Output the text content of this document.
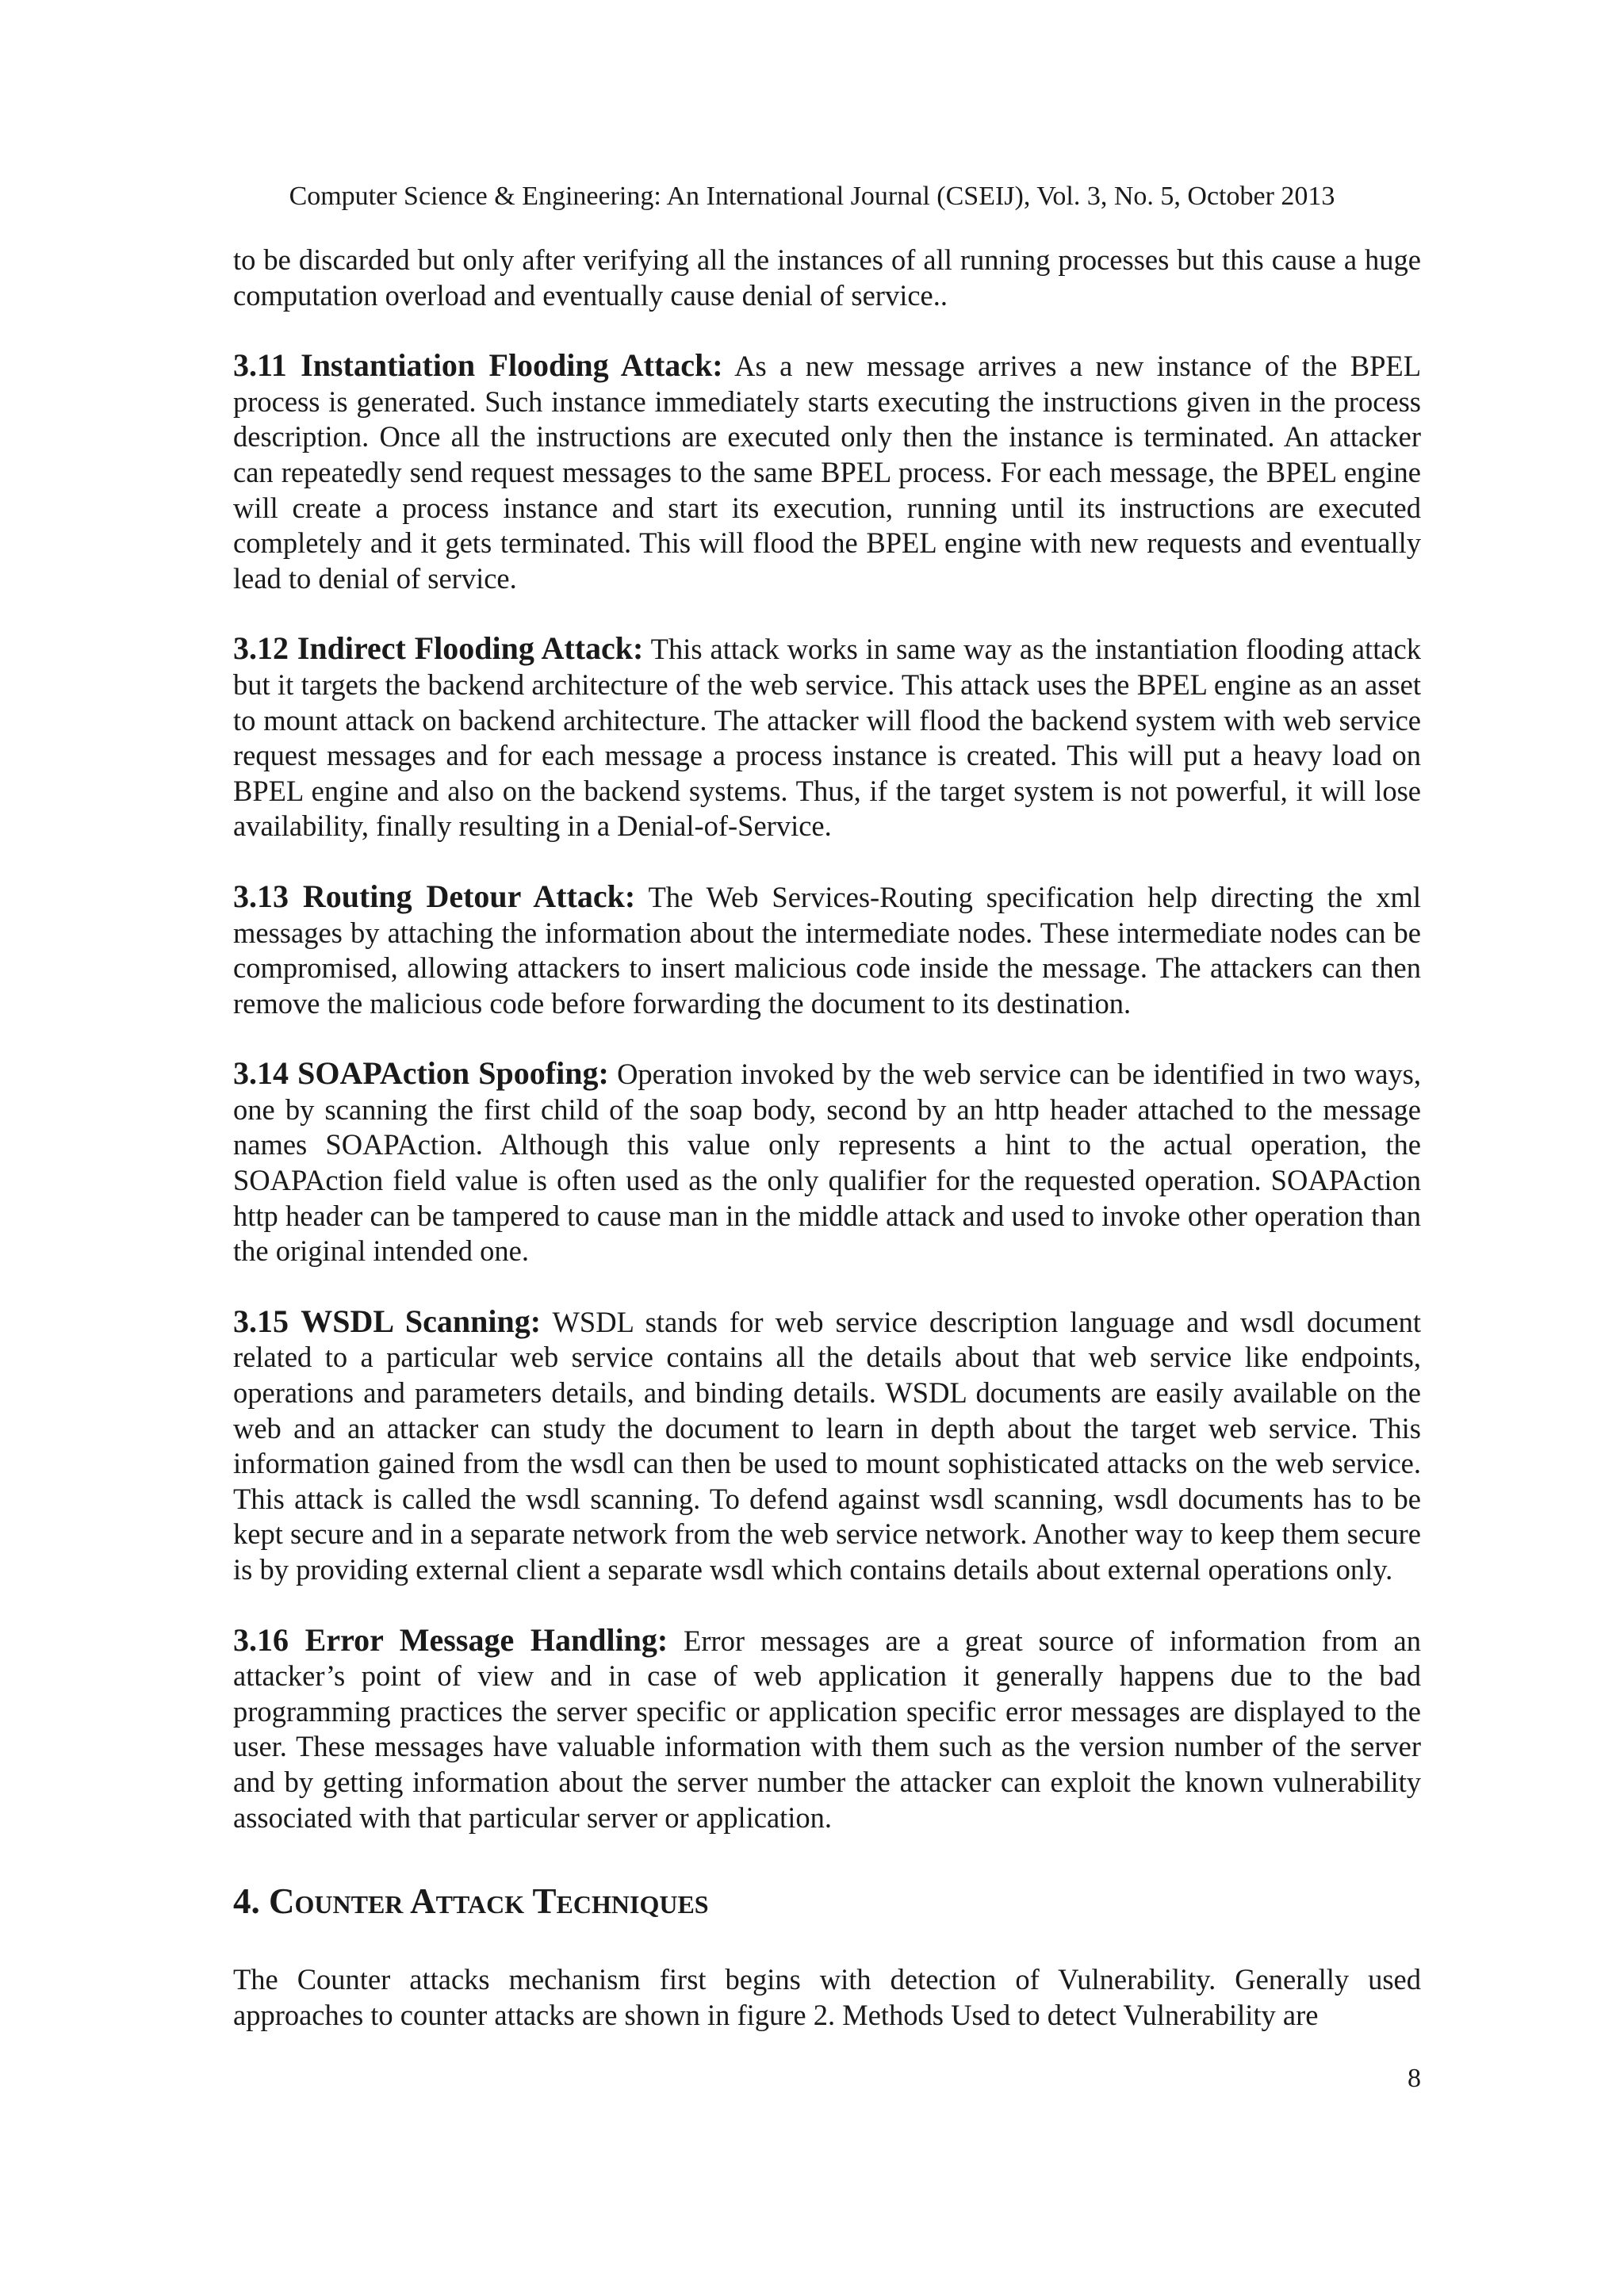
Computer Science & Engineering: An International Journal (CSEIJ), Vol. 3, No. 5, October 2013

to be discarded but only after verifying all the instances of all running processes but this cause a huge computation overload and eventually cause denial of service..

3.11 Instantiation Flooding Attack: As a new message arrives a new instance of the BPEL process is generated. Such instance immediately starts executing the instructions given in the process description. Once all the instructions are executed only then the instance is terminated. An attacker can repeatedly send request messages to the same BPEL process. For each message, the BPEL engine will create a process instance and start its execution, running until its instructions are executed completely and it gets terminated. This will flood the BPEL engine with new requests and eventually lead to denial of service.

3.12 Indirect Flooding Attack: This attack works in same way as the instantiation flooding attack but it targets the backend architecture of the web service. This attack uses the BPEL engine as an asset to mount attack on backend architecture. The attacker will flood the backend system with web service request messages and for each message a process instance is created. This will put a heavy load on BPEL engine and also on the backend systems. Thus, if the target system is not powerful, it will lose availability, finally resulting in a Denial-of-Service.

3.13 Routing Detour Attack: The Web Services-Routing specification help directing the xml messages by attaching the information about the intermediate nodes. These intermediate nodes can be compromised, allowing attackers to insert malicious code inside the message. The attackers can then remove the malicious code before forwarding the document to its destination.

3.14 SOAPAction Spoofing: Operation invoked by the web service can be identified in two ways, one by scanning the first child of the soap body, second by an http header attached to the message names SOAPAction. Although this value only represents a hint to the actual operation, the SOAPAction field value is often used as the only qualifier for the requested operation. SOAPAction http header can be tampered to cause man in the middle attack and used to invoke other operation than the original intended one.

3.15 WSDL Scanning: WSDL stands for web service description language and wsdl document related to a particular web service contains all the details about that web service like endpoints, operations and parameters details, and binding details. WSDL documents are easily available on the web and an attacker can study the document to learn in depth about the target web service. This information gained from the wsdl can then be used to mount sophisticated attacks on the web service. This attack is called the wsdl scanning. To defend against wsdl scanning, wsdl documents has to be kept secure and in a separate network from the web service network. Another way to keep them secure is by providing external client a separate wsdl which contains details about external operations only.

3.16 Error Message Handling: Error messages are a great source of information from an attacker’s point of view and in case of web application it generally happens due to the bad programming practices the server specific or application specific error messages are displayed to the user. These messages have valuable information with them such as the version number of the server and by getting information about the server number the attacker can exploit the known vulnerability associated with that particular server or application.

4. Counter Attack Techniques

The Counter attacks mechanism first begins with detection of Vulnerability. Generally used approaches to counter attacks are shown in figure 2. Methods Used to detect Vulnerability are

8
